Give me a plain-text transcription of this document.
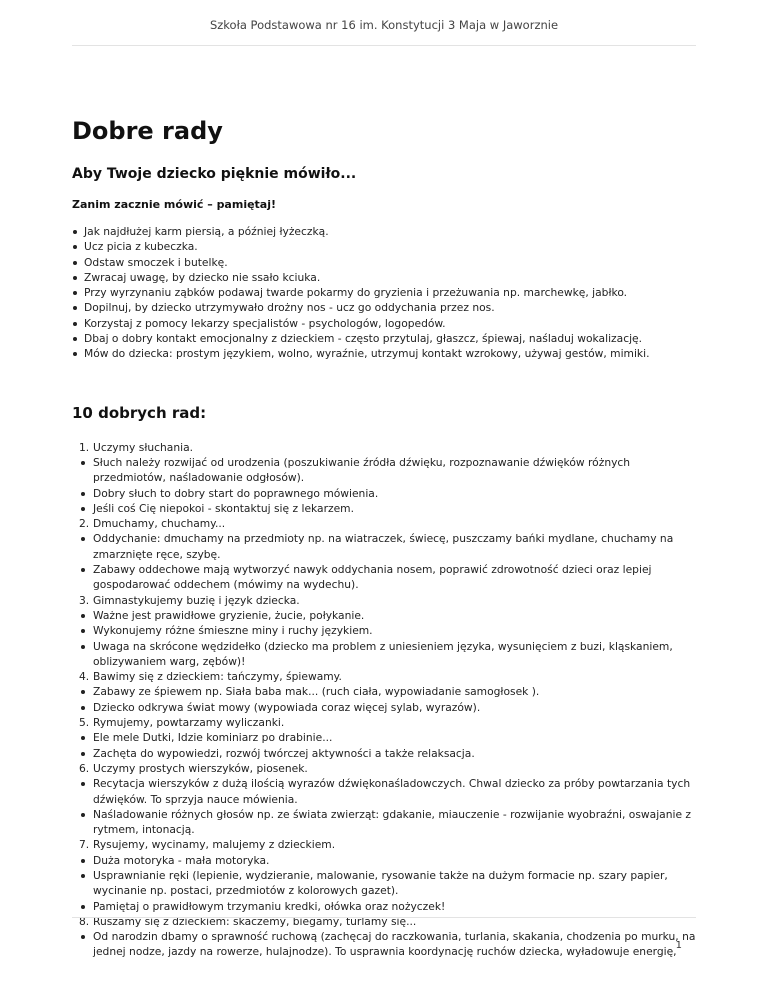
Szkoła Podstawowa nr 16 im. Konstytucji 3 Maja w Jaworznie
Dobre rady
Aby Twoje dziecko pięknie mówiło...

Zanim zacznie mówić – pamiętaj!

Jak najdłużej karm piersią, a później łyżeczką.
Ucz picia z kubeczka.
Odstaw smoczek i butelkę.
Zwracaj uwagę, by dziecko nie ssało kciuka.
Przy wyrzynaniu ząbków podawaj twarde pokarmy do gryzienia i przeżuwania np. marchewkę, jabłko.
Dopilnuj, by dziecko utrzymywało drożny nos - ucz go oddychania przez nos.
Korzystaj z pomocy lekarzy specjalistów - psychologów, logopedów.
Dbaj o dobry kontakt emocjonalny z dzieckiem - często przytulaj, głaszcz, śpiewaj, naśladuj wokalizację.
Mów do dziecka: prostym językiem, wolno, wyraźnie, utrzymuj kontakt wzrokowy, używaj gestów, mimiki.
10 dobrych rad:
1. Uczymy słuchania.
Słuch należy rozwijać od urodzenia (poszukiwanie źródła dźwięku, rozpoznawanie dźwięków różnych przedmiotów, naśladowanie odgłosów).
Dobry słuch to dobry start do poprawnego mówienia.
Jeśli coś Cię niepokoi - skontaktuj się z lekarzem.
2. Dmuchamy, chuchamy...
Oddychanie: dmuchamy na przedmioty np. na wiatraczek, świecę, puszczamy bańki mydlane, chuchamy na zmarznięte ręce, szybę.
Zabawy oddechowe mają wytworzyć nawyk oddychania nosem, poprawić zdrowotność dzieci oraz lepiej gospodarować oddechem (mówimy na wydechu).
3. Gimnastykujemy buzię i język dziecka.
Ważne jest prawidłowe gryzienie, żucie, połykanie.
Wykonujemy różne śmieszne miny i ruchy językiem.
Uwaga na skrócone wędzidełko (dziecko ma problem z uniesieniem języka, wysunięciem z buzi, kląskaniem, oblizywaniem warg, zębów)!
4. Bawimy się z dzieckiem: tańczymy, śpiewamy.
Zabawy ze śpiewem np. Siała baba mak... (ruch ciała, wypowiadanie samogłosek ).
Dziecko odkrywa świat mowy (wypowiada coraz więcej sylab, wyrazów).
5. Rymujemy, powtarzamy wyliczanki.
Ele mele Dutki, Idzie kominiarz po drabinie...
Zachęta do wypowiedzi, rozwój twórczej aktywności a także relaksacja.
6. Uczymy prostych wierszyków, piosenek.
Recytacja wierszyków z dużą ilością wyrazów dźwiękonaśladowczych. Chwal dziecko za próby powtarzania tych dźwięków. To sprzyja nauce mówienia.
Naśladowanie różnych głosów np. ze świata zwierząt: gdakanie, miauczenie - rozwijanie wyobraźni, oswajanie z rytmem, intonacją.
7. Rysujemy, wycinamy, malujemy z dzieckiem.
Duża motoryka - mała motoryka.
Usprawnianie ręki (lepienie, wydzieranie, malowanie, rysowanie także na dużym formacie np. szary papier, wycinanie np. postaci, przedmiotów z kolorowych gazet).
Pamiętaj o prawidłowym trzymaniu kredki, ołówka oraz nożyczek!
8. Ruszamy się z dzieckiem: skaczemy, biegamy, turlamy się...
Od narodzin dbamy o sprawność ruchową (zachęcaj do raczkowania, turlania, skakania, chodzenia po murku, na jednej nodze, jazdy na rowerze, hulajnodze). To usprawnia koordynację ruchów dziecka, wyładowuje energię, 1
